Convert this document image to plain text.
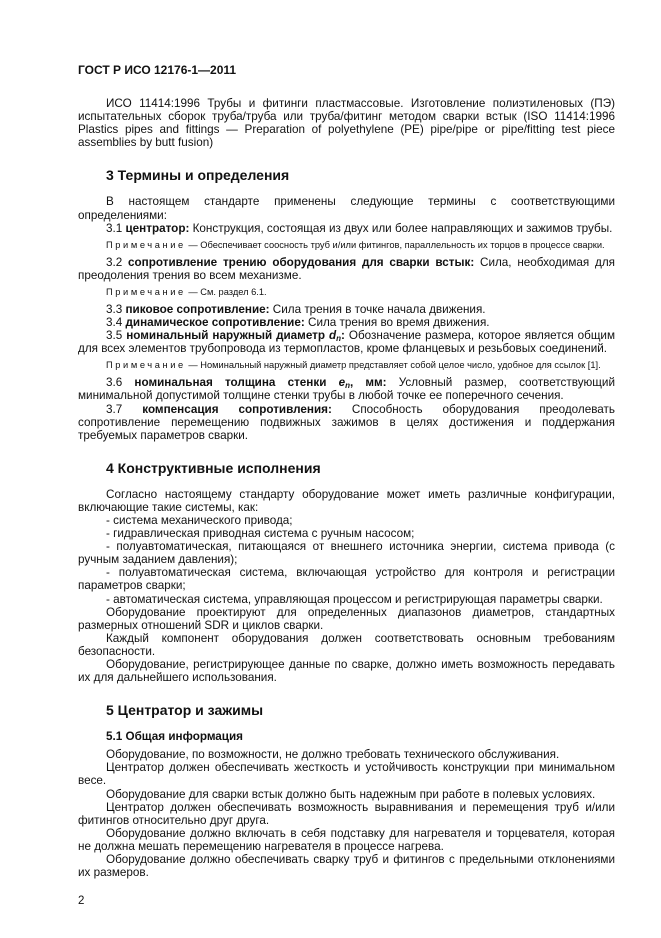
ГОСТ Р ИСО 12176-1—2011

ИСО 11414:1996 Трубы и фитинги пластмассовые. Изготовление полиэтиленовых (ПЭ) испытательных сборок труба/труба или труба/фитинг методом сварки встык (ISO 11414:1996 Plastics pipes and fittings — Preparation of polyethylene (PE) pipe/pipe or pipe/fitting test piece assemblies by butt fusion)

3 Термины и определения

В настоящем стандарте применены следующие термины с соответствующими определениями:

3.1 центратор: Конструкция, состоящая из двух или более направляющих и зажимов трубы.

Примечание — Обеспечивает соосность труб и/или фитингов, параллельность их торцов в процессе сварки.

3.2 сопротивление трению оборудования для сварки встык: Сила, необходимая для преодоления трения во всем механизме.

Примечание — См. раздел 6.1.

3.3 пиковое сопротивление: Сила трения в точке начала движения.

3.4 динамическое сопротивление: Сила трения во время движения.

3.5 номинальный наружный диаметр $d_n$: Обозначение размера, которое является общим для всех элементов трубопровода из термопластов, кроме фланцевых и резьбовых соединений.

Примечание — Номинальный наружный диаметр представляет собой целое число, удобное для ссылок [1].

3.6 номинальная толщина стенки $e_n$, мм: Условный размер, соответствующий минимальной допустимой толщине стенки трубы в любой точке ее поперечного сечения.

3.7 компенсация сопротивления: Способность оборудования преодолевать сопротивление перемещению подвижных зажимов в целях достижения и поддержания требуемых параметров сварки.

4 Конструктивные исполнения

Согласно настоящему стандарту оборудование может иметь различные конфигурации, включающие такие системы, как:

- система механического привода;

- гидравлическая приводная система с ручным насосом;

- полуавтоматическая, питающаяся от внешнего источника энергии, система привода (с ручным заданием давления);

- полуавтоматическая система, включающая устройство для контроля и регистрации параметров сварки;

- автоматическая система, управляющая процессом и регистрирующая параметры сварки.

Оборудование проектируют для определенных диапазонов диаметров, стандартных размерных отношений SDR и циклов сварки.

Каждый компонент оборудования должен соответствовать основным требованиям безопасности.

Оборудование, регистрирующее данные по сварке, должно иметь возможность передавать их для дальнейшего использования.

5 Центратор и зажимы
5.1 Общая информация

Оборудование, по возможности, не должно требовать технического обслуживания.

Центратор должен обеспечивать жесткость и устойчивость конструкции при минимальном весе.

Оборудование для сварки встык должно быть надежным при работе в полевых условиях.

Центратор должен обеспечивать возможность выравнивания и перемещения труб и/или фитингов относительно друг друга.

Оборудование должно включать в себя подставку для нагревателя и торцевателя, которая не должна мешать перемещению нагревателя в процессе нагрева.

Оборудование должно обеспечивать сварку труб и фитингов с предельными отклонениями их размеров.

2
